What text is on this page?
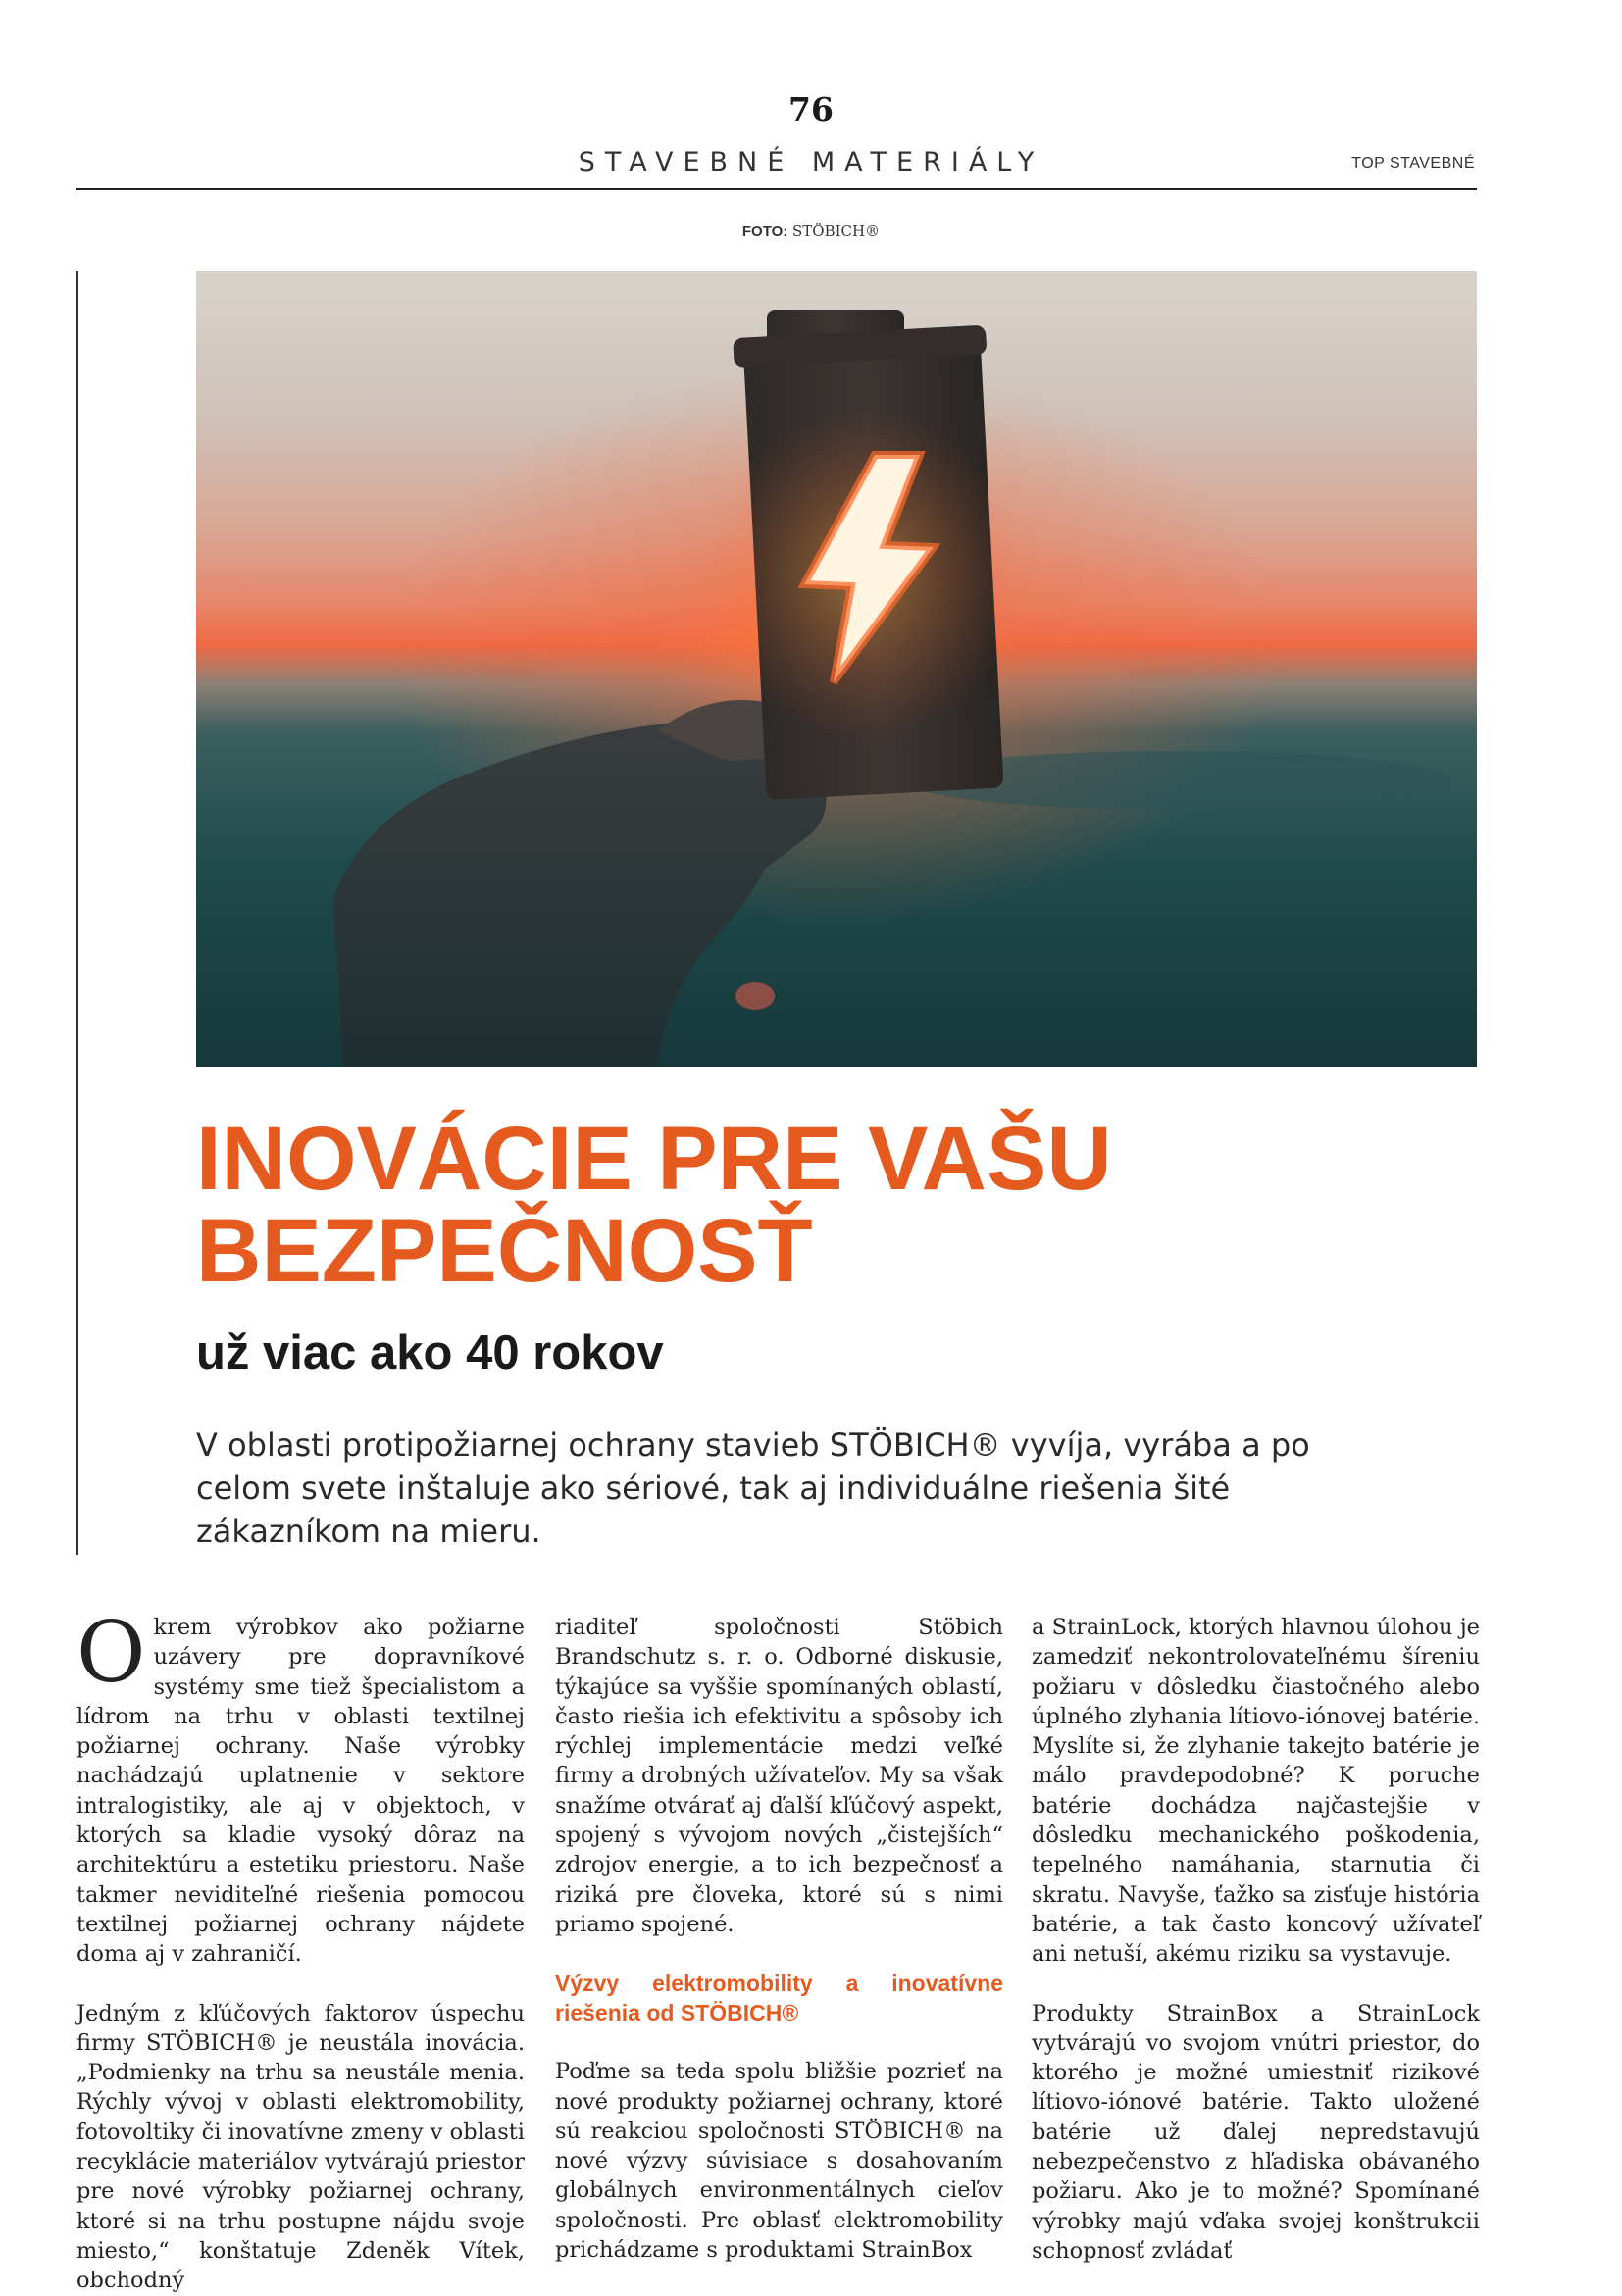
76
STAVEBNÉ MATERIÁLY	TOP STAVEBNÉ
FOTO: STÖBICH®
INOVÁCIE PRE VAŠU
BEZPEČNOSŤ
už viac ako 40 rokov
V oblasti protipožiarnej ochrany stavieb STÖBICH® vyvíja, vyrába a po celom svete inštaluje ako sériové, tak aj individuálne riešenia šité zákazníkom na mieru.

Okrem výrobkov ako požiarne uzávery pre dopravníkové systémy sme tiež špecialistom a lídrom na trhu v oblasti textilnej požiarnej ochrany. Naše výrobky nachádzajú uplatnenie v sektore intralogistiky, ale aj v objektoch, v ktorých sa kladie vysoký dôraz na architektúru a estetiku priestoru. Naše takmer neviditeľné riešenia pomocou textilnej požiarnej ochrany nájdete doma aj v zahraničí.

Jedným z kľúčových faktorov úspechu firmy STÖBICH® je neustála inovácia. „Podmienky na trhu sa neustále menia. Rýchly vývoj v oblasti elektromobility, fotovoltiky či inovatívne zmeny v oblasti recyklácie materiálov vytvárajú priestor pre nové výrobky požiarnej ochrany, ktoré si na trhu postupne nájdu svoje miesto,“ konštatuje Zdeněk Vítek, obchodný

riaditeľ spoločnosti Stöbich Brandschutz s. r. o. Odborné diskusie, týkajúce sa vyššie spomínaných oblastí, často riešia ich efektivitu a spôsoby ich rýchlej implementácie medzi veľké firmy a drobných užívateľov. My sa však snažíme otvárať aj ďalší kľúčový aspekt, spojený s vývojom nových „čistejších“ zdrojov energie, a to ich bezpečnosť a riziká pre človeka, ktoré sú s nimi priamo spojené.

Výzvy elektromobility a inovatívne riešenia od STÖBICH®

Poďme sa teda spolu bližšie pozrieť na nové produkty požiarnej ochrany, ktoré sú reakciou spoločnosti STÖBICH® na nové výzvy súvisiace s dosahovaním globálnych environmentálnych cieľov spoločnosti. Pre oblasť elektromobility prichádzame s produktami StrainBox

a StrainLock, ktorých hlavnou úlohou je zamedziť nekontrolovateľnému šíreniu požiaru v dôsledku čiastočného alebo úplného zlyhania lítiovo-iónovej batérie. Myslíte si, že zlyhanie takejto batérie je málo pravdepodobné? K poruche batérie dochádza najčastejšie v dôsledku mechanického poškodenia, tepelného namáhania, starnutia či skratu. Navyše, ťažko sa zisťuje história batérie, a tak často koncový užívateľ ani netuší, akému riziku sa vystavuje.

Produkty StrainBox a StrainLock vytvárajú vo svojom vnútri priestor, do ktorého je možné umiestniť rizikové lítiovo-iónové batérie. Takto uložené batérie už ďalej nepredstavujú nebezpečenstvo z hľadiska obávaného požiaru. Ako je to možné? Spomínané výrobky majú vďaka svojej konštrukcii schopnosť zvládať
